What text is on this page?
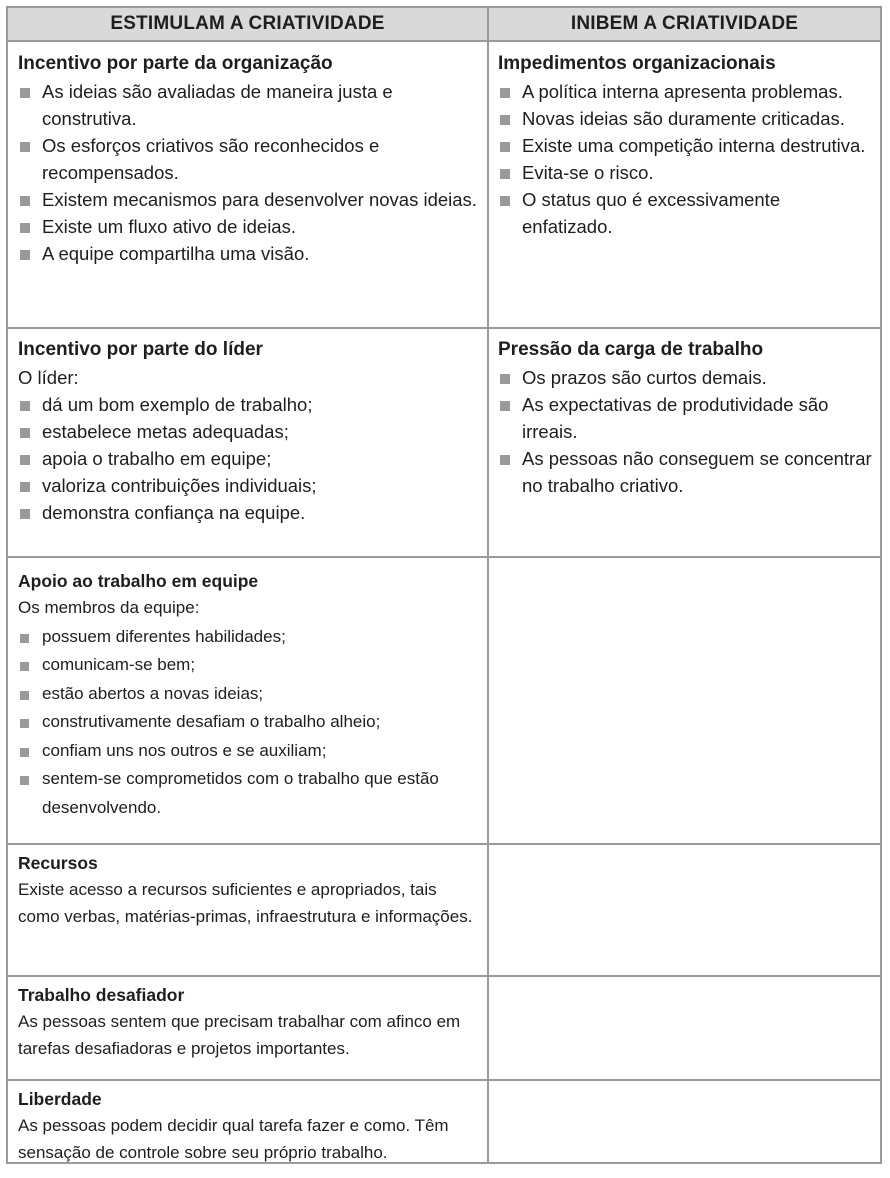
ESTIMULAM A CRIATIVIDADE	INIBEM A CRIATIVIDADE

Incentivo por parte da organização

As ideias são avaliadas de maneira justa e construtiva.
Os esforços criativos são reconhecidos e recompensados.
Existem mecanismos para desenvolver novas ideias.
Existe um fluxo ativo de ideias.
A equipe compartilha uma visão.

Impedimentos organizacionais

A política interna apresenta problemas.
Novas ideias são duramente criticadas.
Existe uma competição interna destrutiva.
Evita-se o risco.
O status quo é excessivamente enfatizado.

Incentivo por parte do líder

O líder:

dá um bom exemplo de trabalho;
estabelece metas adequadas;
apoia o trabalho em equipe;
valoriza contribuições individuais;
demonstra confiança na equipe.

Pressão da carga de trabalho

Os prazos são curtos demais.
As expectativas de produtividade são irreais.
As pessoas não conseguem se concentrar no trabalho criativo.

Apoio ao trabalho em equipe

Os membros da equipe:

possuem diferentes habilidades;
comunicam-se bem;
estão abertos a novas ideias;
construtivamente desafiam o trabalho alheio;
confiam uns nos outros e se auxiliam;
sentem-se comprometidos com o trabalho que estão desenvolvendo.

Recursos

Existe acesso a recursos suficientes e apropriados, tais como verbas, matérias-primas, infraestrutura e informações.

Trabalho desafiador

As pessoas sentem que precisam trabalhar com afinco em tarefas desafiadoras e projetos importantes.

Liberdade

As pessoas podem decidir qual tarefa fazer e como. Têm sensação de controle sobre seu próprio trabalho.
